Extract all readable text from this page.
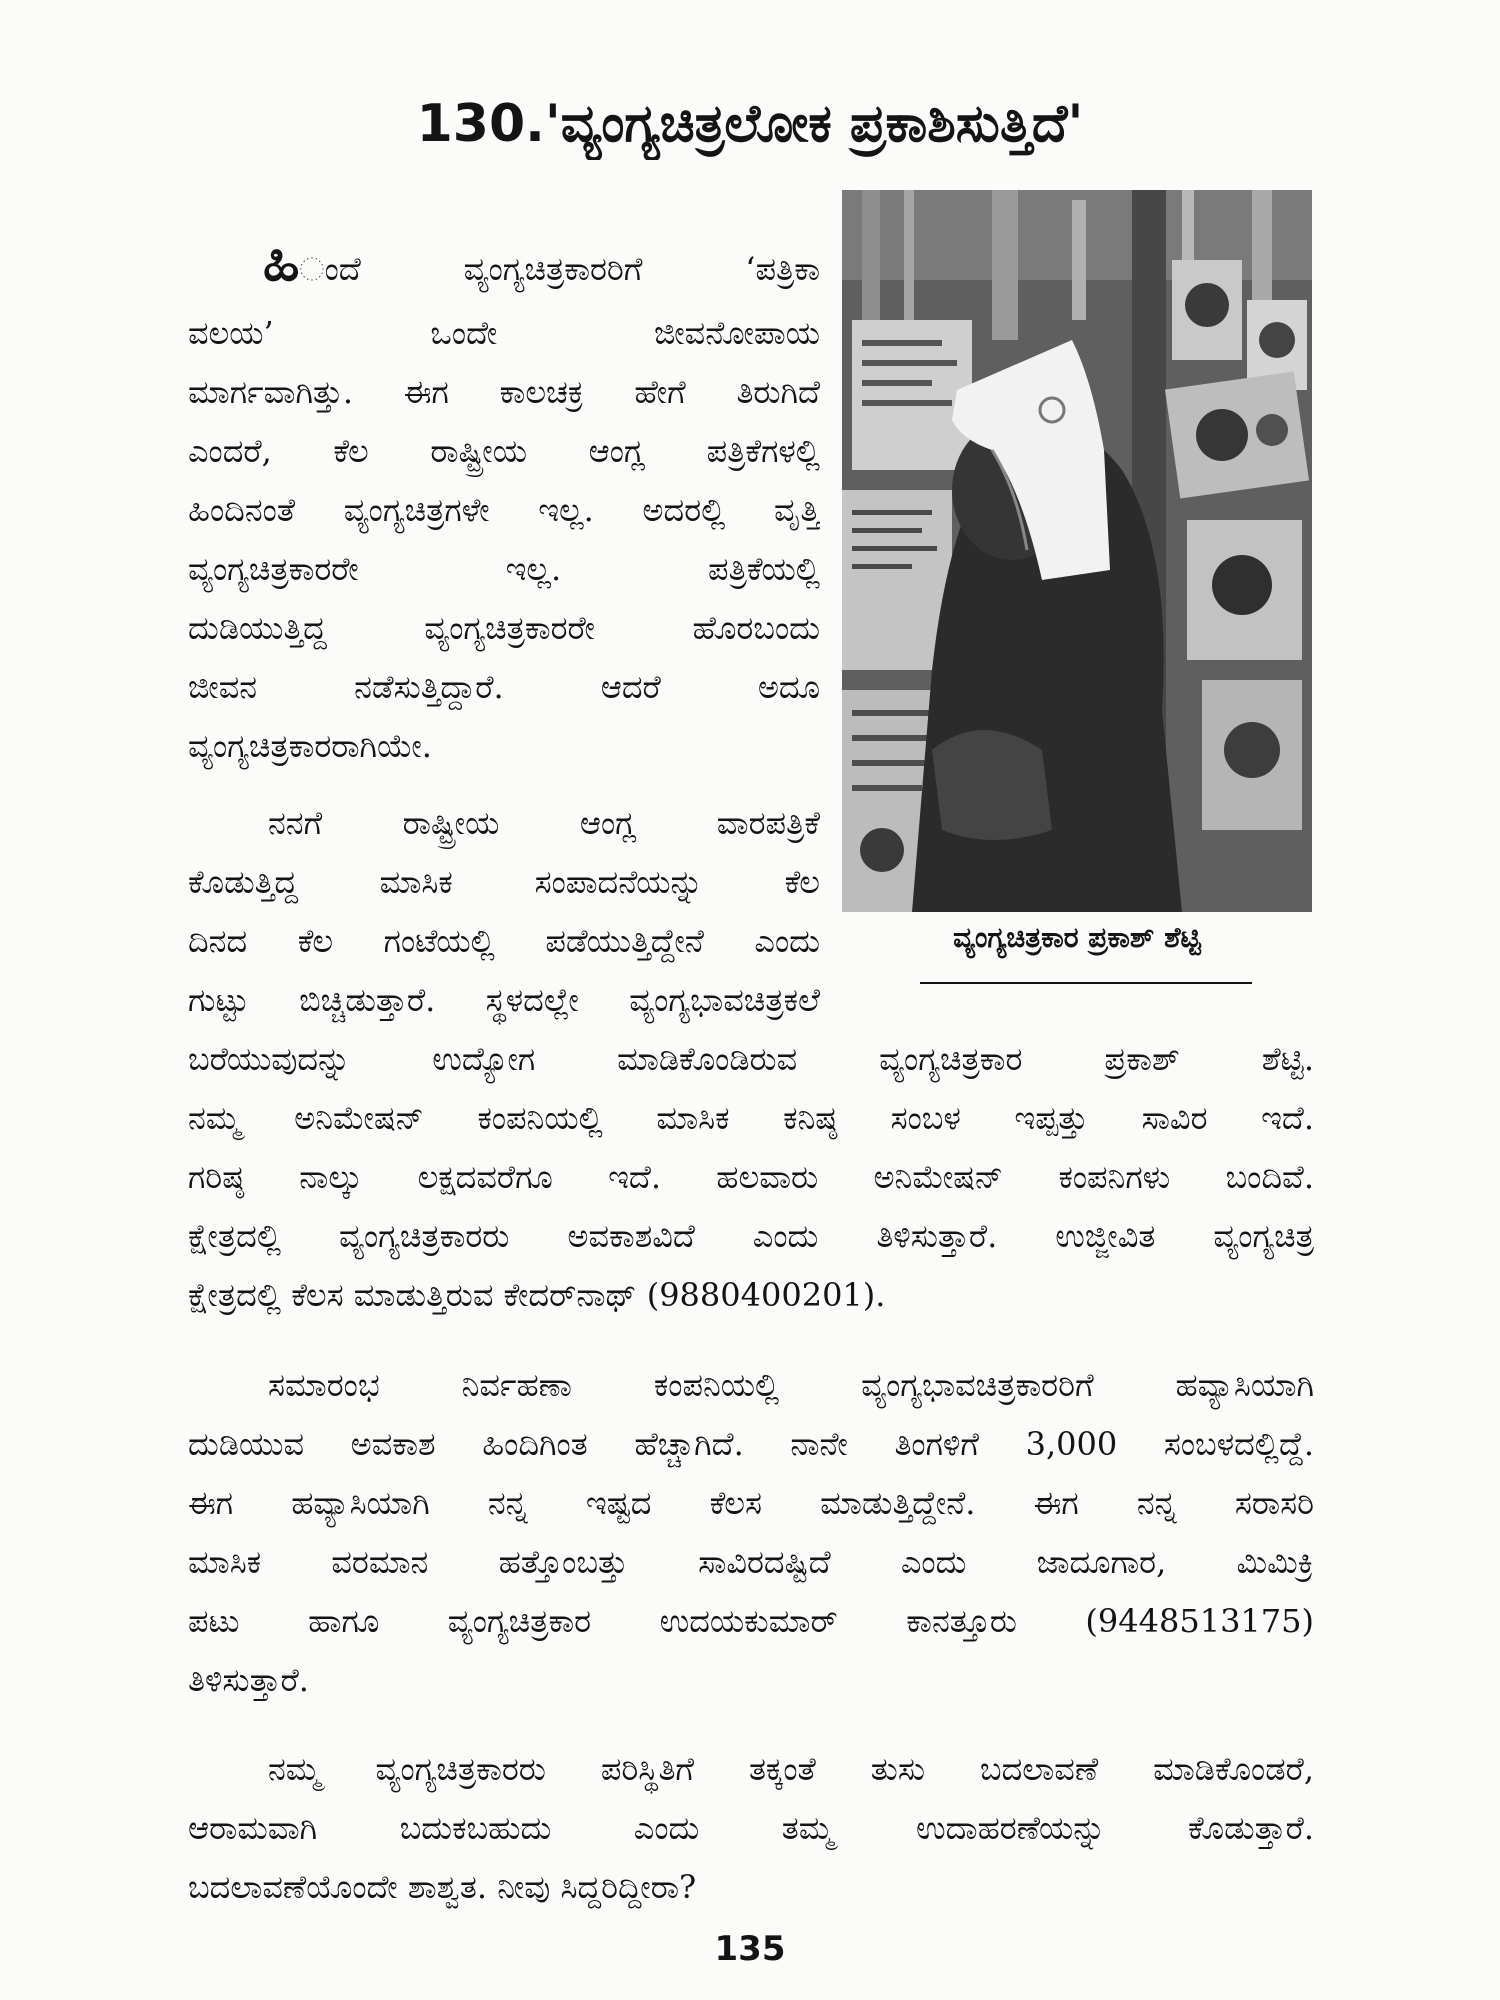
130.'ವ್ಯಂಗ್ಯಚಿತ್ರಲೋಕ ಪ್ರಕಾಶಿಸುತ್ತಿದೆ'
ವ್ಯಂಗ್ಯಚಿತ್ರಕಾರ ಪ್ರಕಾಶ್ ಶೆಟ್ಟಿ
ಹಿಂದೆ ವ್ಯಂಗ್ಯಚಿತ್ರಕಾರರಿಗೆ ‘ಪತ್ರಿಕಾ
ವಲಯ’ ಒಂದೇ ಜೀವನೋಪಾಯ
ಮಾರ್ಗವಾಗಿತ್ತು. ಈಗ ಕಾಲಚಕ್ರ ಹೇಗೆ ತಿರುಗಿದೆ
ಎಂದರೆ, ಕೆಲ ರಾಷ್ಟ್ರೀಯ ಆಂಗ್ಲ ಪತ್ರಿಕೆಗಳಲ್ಲಿ
ಹಿಂದಿನಂತೆ ವ್ಯಂಗ್ಯಚಿತ್ರಗಳೇ ಇಲ್ಲ. ಅದರಲ್ಲಿ ವೃತ್ತಿ
ವ್ಯಂಗ್ಯಚಿತ್ರಕಾರರೇ ಇಲ್ಲ. ಪತ್ರಿಕೆಯಲ್ಲಿ
ದುಡಿಯುತ್ತಿದ್ದ ವ್ಯಂಗ್ಯಚಿತ್ರಕಾರರೇ ಹೊರಬಂದು
ಜೀವನ ನಡೆಸುತ್ತಿದ್ದಾರೆ. ಆದರೆ ಅದೂ
ವ್ಯಂಗ್ಯಚಿತ್ರಕಾರರಾಗಿಯೇ.
ನನಗೆ ರಾಷ್ಟ್ರೀಯ ಆಂಗ್ಲ ವಾರಪತ್ರಿಕೆ
ಕೊಡುತ್ತಿದ್ದ ಮಾಸಿಕ ಸಂಪಾದನೆಯನ್ನು ಕೆಲ
ದಿನದ ಕೆಲ ಗಂಟೆಯಲ್ಲಿ ಪಡೆಯುತ್ತಿದ್ದೇನೆ ಎಂದು
ಗುಟ್ಟು ಬಿಚ್ಚಿಡುತ್ತಾರೆ. ಸ್ಥಳದಲ್ಲೇ ವ್ಯಂಗ್ಯಭಾವಚಿತ್ರಕಲೆ
ಬರೆಯುವುದನ್ನು ಉದ್ಯೋಗ ಮಾಡಿಕೊಂಡಿರುವ ವ್ಯಂಗ್ಯಚಿತ್ರಕಾರ ಪ್ರಕಾಶ್ ಶೆಟ್ಟಿ.
ನಮ್ಮ ಅನಿಮೇಷನ್ ಕಂಪನಿಯಲ್ಲಿ ಮಾಸಿಕ ಕನಿಷ್ಠ ಸಂಬಳ ಇಪ್ಪತ್ತು ಸಾವಿರ ಇದೆ.
ಗರಿಷ್ಠ ನಾಲ್ಕು ಲಕ್ಷದವರೆಗೂ ಇದೆ. ಹಲವಾರು ಅನಿಮೇಷನ್ ಕಂಪನಿಗಳು ಬಂದಿವೆ.
ಕ್ಷೇತ್ರದಲ್ಲಿ ವ್ಯಂಗ್ಯಚಿತ್ರಕಾರರು ಅವಕಾಶವಿದೆ ಎಂದು ತಿಳಿಸುತ್ತಾರೆ. ಉಜ್ಜೀವಿತ ವ್ಯಂಗ್ಯಚಿತ್ರ
ಕ್ಷೇತ್ರದಲ್ಲಿ ಕೆಲಸ ಮಾಡುತ್ತಿರುವ ಕೇದರ್‌ನಾಥ್ (9880400201).
ಸಮಾರಂಭ ನಿರ್ವಹಣಾ ಕಂಪನಿಯಲ್ಲಿ ವ್ಯಂಗ್ಯಭಾವಚಿತ್ರಕಾರರಿಗೆ ಹವ್ಯಾಸಿಯಾಗಿ
ದುಡಿಯುವ ಅವಕಾಶ ಹಿಂದಿಗಿಂತ ಹೆಚ್ಚಾಗಿದೆ. ನಾನೇ ತಿಂಗಳಿಗೆ 3,000 ಸಂಬಳದಲ್ಲಿದ್ದೆ.
ಈಗ ಹವ್ಯಾಸಿಯಾಗಿ ನನ್ನ ಇಷ್ಟದ ಕೆಲಸ ಮಾಡುತ್ತಿದ್ದೇನೆ. ಈಗ ನನ್ನ ಸರಾಸರಿ
ಮಾಸಿಕ ವರಮಾನ ಹತ್ತೊಂಬತ್ತು ಸಾವಿರದಷ್ಟಿದೆ ಎಂದು ಜಾದೂಗಾರ, ಮಿಮಿಕ್ರಿ
ಪಟು ಹಾಗೂ ವ್ಯಂಗ್ಯಚಿತ್ರಕಾರ ಉದಯಕುಮಾರ್ ಕಾನತ್ತೂರು (9448513175)
ತಿಳಿಸುತ್ತಾರೆ.
ನಮ್ಮ ವ್ಯಂಗ್ಯಚಿತ್ರಕಾರರು ಪರಿಸ್ಥಿತಿಗೆ ತಕ್ಕಂತೆ ತುಸು ಬದಲಾವಣೆ ಮಾಡಿಕೊಂಡರೆ,
ಆರಾಮವಾಗಿ ಬದುಕಬಹುದು ಎಂದು ತಮ್ಮ ಉದಾಹರಣೆಯನ್ನು ಕೊಡುತ್ತಾರೆ.
ಬದಲಾವಣೆಯೊಂದೇ ಶಾಶ್ವತ. ನೀವು ಸಿದ್ದರಿದ್ದೀರಾ?
135
